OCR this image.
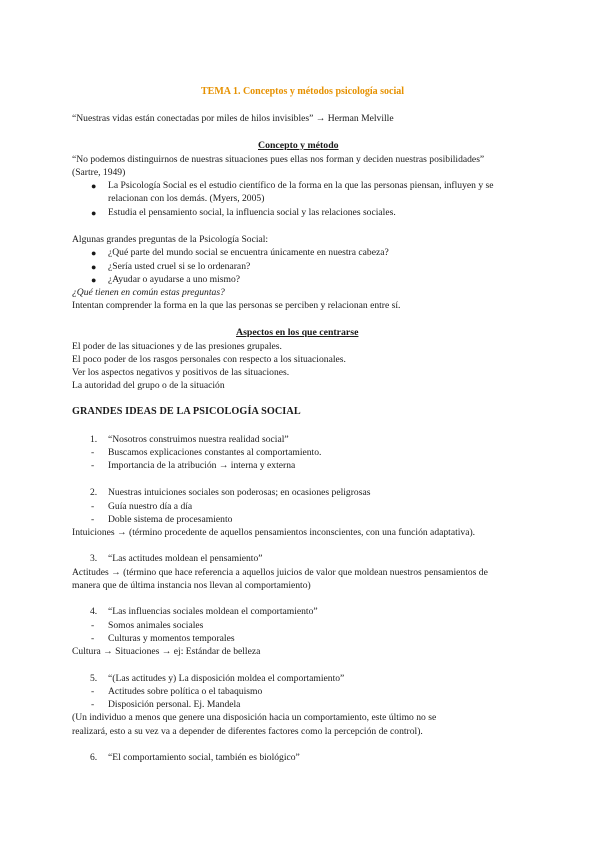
TEMA 1. Conceptos y métodos psicología social
“Nuestras vidas están conectadas por miles de hilos invisibles” → Herman Melville
Concepto y método
“No podemos distinguirnos de nuestras situaciones pues ellas nos forman y deciden nuestras posibilidades”
(Sartre, 1949)
● La Psicología Social es el estudio científico de la forma en la que las personas piensan, influyen y se
relacionan con los demás. (Myers, 2005)
● Estudia el pensamiento social, la influencia social y las relaciones sociales.
Algunas grandes preguntas de la Psicología Social:
● ¿Qué parte del mundo social se encuentra únicamente en nuestra cabeza?
● ¿Sería usted cruel si se lo ordenaran?
● ¿Ayudar o ayudarse a uno mismo?
¿Qué tienen en común estas preguntas?
Intentan comprender la forma en la que las personas se perciben y relacionan entre sí.
Aspectos en los que centrarse
El poder de las situaciones y de las presiones grupales.
El poco poder de los rasgos personales con respecto a los situacionales.
Ver los aspectos negativos y positivos de las situaciones.
La autoridad del grupo o de la situación
GRANDES IDEAS DE LA PSICOLOGÍA SOCIAL
1. “Nosotros construimos nuestra realidad social”
- Buscamos explicaciones constantes al comportamiento.
- Importancia de la atribución → interna y externa
2. Nuestras intuiciones sociales son poderosas; en ocasiones peligrosas
- Guía nuestro día a día
- Doble sistema de procesamiento
Intuiciones → (término procedente de aquellos pensamientos inconscientes, con una función adaptativa).
3. “Las actitudes moldean el pensamiento”
Actitudes → (término que hace referencia a aquellos juicios de valor que moldean nuestros pensamientos de
manera que de última instancia nos llevan al comportamiento)
4. “Las influencias sociales moldean el comportamiento”
- Somos animales sociales
- Culturas y momentos temporales
Cultura → Situaciones → ej: Estándar de belleza
5. “(Las actitudes y) La disposición moldea el comportamiento”
- Actitudes sobre política o el tabaquismo
- Disposición personal. Ej. Mandela
(Un individuo a menos que genere una disposición hacia un comportamiento, este último no se
realizará, esto a su vez va a depender de diferentes factores como la percepción de control).
6. “El comportamiento social, también es biológico”
